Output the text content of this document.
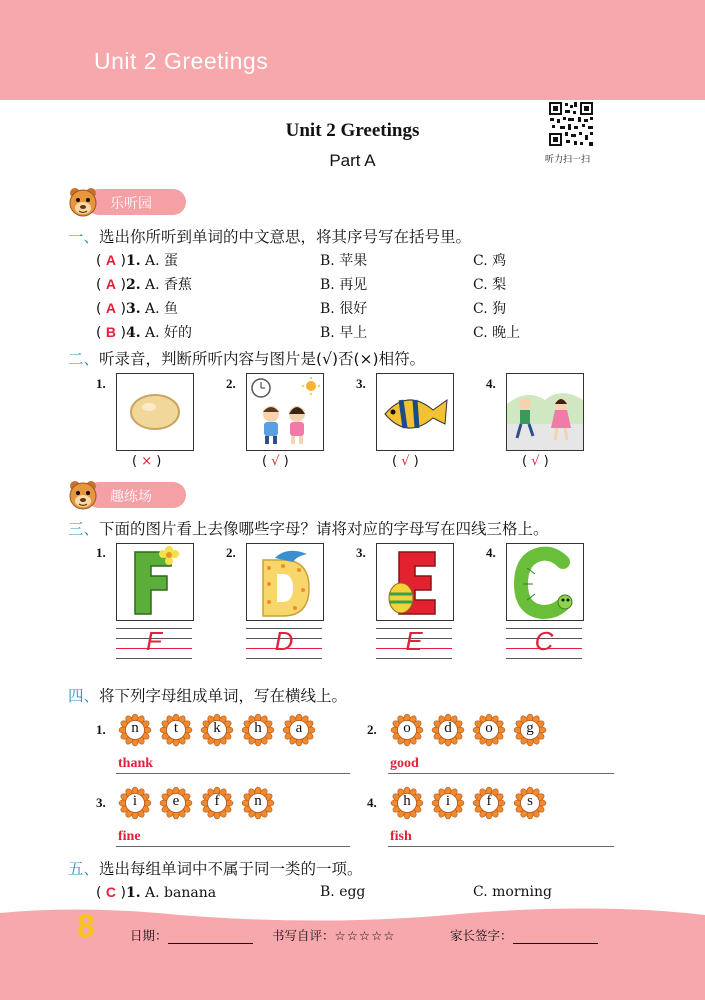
Unit 2 Greetings
听力扫一扫
Unit 2 Greetings
Part A
乐听园
一、选出你所听到单词的中文意思，将其序号写在括号里。
( A )1. A. 蛋	B. 苹果	C. 鸡
( A )2. A. 香蕉	B. 再见	C. 梨
( A )3. A. 鱼	B. 很好	C. 狗
( B )4. A. 好的	B. 早上	C. 晚上
二、听录音，判断所听内容与图片是(√)否(×)相符。
1.
( × )
2.
( √ )
3.
( √ )
4.
( √ )
趣练场
三、下面的图片看上去像哪些字母？请将对应的字母写在四线三格上。
1.
F
2.
D
3.
E
4.
C
四、将下列字母组成单词，写在横线上。
1.	n	t	k	h	a
thank
2.	o	d	o	g
good
3.	i	e	f	n
fine
4.	h	i	f	s
fish
五、选出每组单词中不属于同一类的一项。
( C )1. A. banana	B. egg	C. morning
8	日期：	书写自评：☆☆☆☆☆	家长签字：
